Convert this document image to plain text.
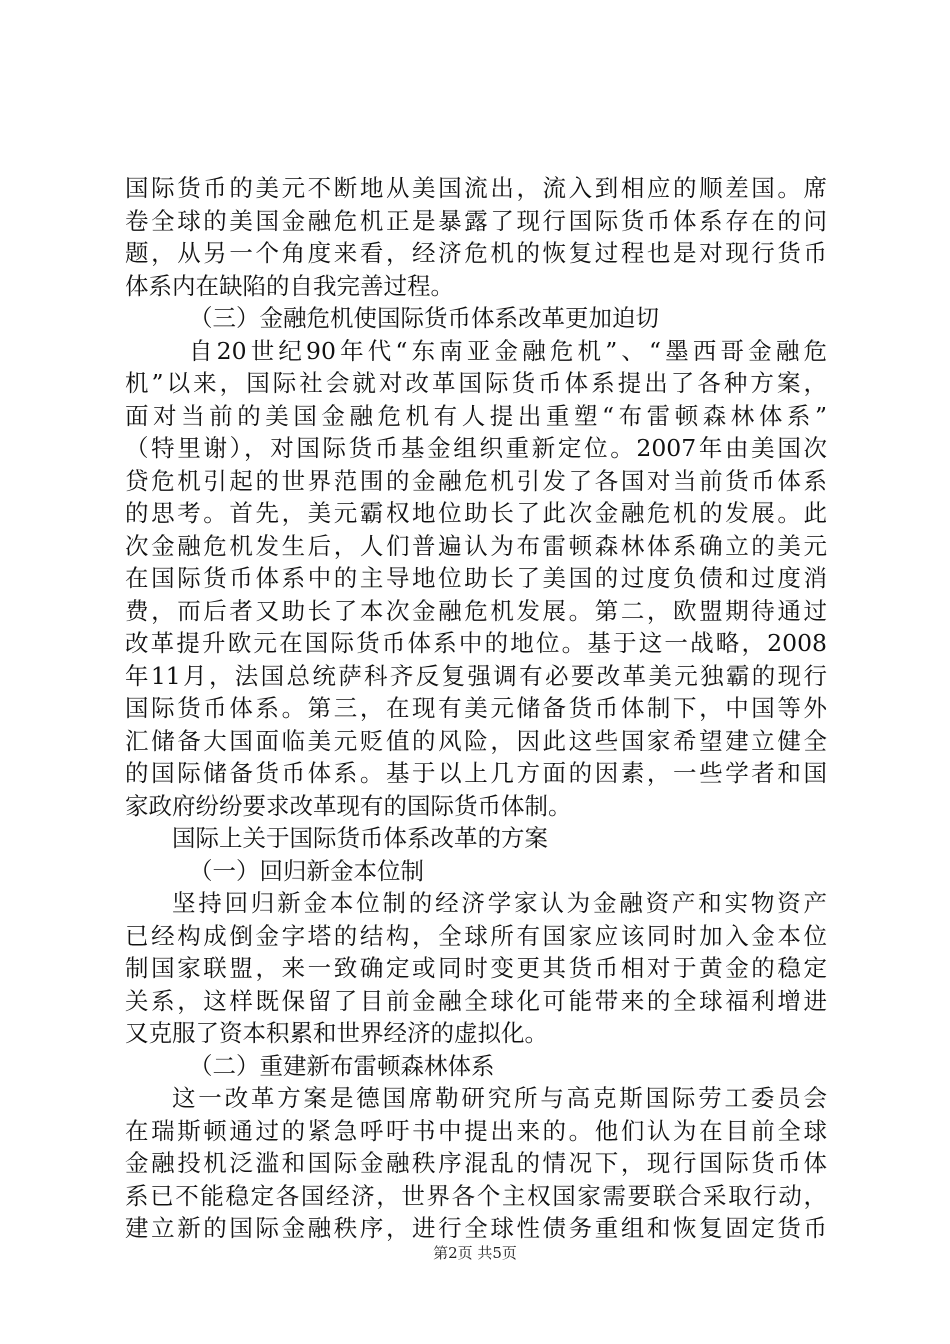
国际货币的美元不断地从美国流出，流入到相应的顺差国。席
卷全球的美国金融危机正是暴露了现行国际货币体系存在的问
题，从另一个角度来看，经济危机的恢复过程也是对现行货币
体系内在缺陷的自我完善过程。
（三）金融危机使国际货币体系改革更加迫切
自20世纪90年代“东南亚金融危机”、“墨西哥金融危
机”以来，国际社会就对改革国际货币体系提出了各种方案，
面对当前的美国金融危机有人提出重塑“布雷顿森林体系”
（特里谢），对国际货币基金组织重新定位。2007年由美国次
贷危机引起的世界范围的金融危机引发了各国对当前货币体系
的思考。首先，美元霸权地位助长了此次金融危机的发展。此
次金融危机发生后，人们普遍认为布雷顿森林体系确立的美元
在国际货币体系中的主导地位助长了美国的过度负债和过度消
费，而后者又助长了本次金融危机发展。第二，欧盟期待通过
改革提升欧元在国际货币体系中的地位。基于这一战略，2008
年11月，法国总统萨科齐反复强调有必要改革美元独霸的现行
国际货币体系。第三，在现有美元储备货币体制下，中国等外
汇储备大国面临美元贬值的风险，因此这些国家希望建立健全
的国际储备货币体系。基于以上几方面的因素，一些学者和国
家政府纷纷要求改革现有的国际货币体制。
国际上关于国际货币体系改革的方案
（一）回归新金本位制
坚持回归新金本位制的经济学家认为金融资产和实物资产
已经构成倒金字塔的结构，全球所有国家应该同时加入金本位
制国家联盟，来一致确定或同时变更其货币相对于黄金的稳定
关系，这样既保留了目前金融全球化可能带来的全球福利增进
又克服了资本积累和世界经济的虚拟化。
（二）重建新布雷顿森林体系
这一改革方案是德国席勒研究所与高克斯国际劳工委员会
在瑞斯顿通过的紧急呼吁书中提出来的。他们认为在目前全球
金融投机泛滥和国际金融秩序混乱的情况下，现行国际货币体
系已不能稳定各国经济，世界各个主权国家需要联合采取行动，
建立新的国际金融秩序，进行全球性债务重组和恢复固定货币
第2页 共5页
